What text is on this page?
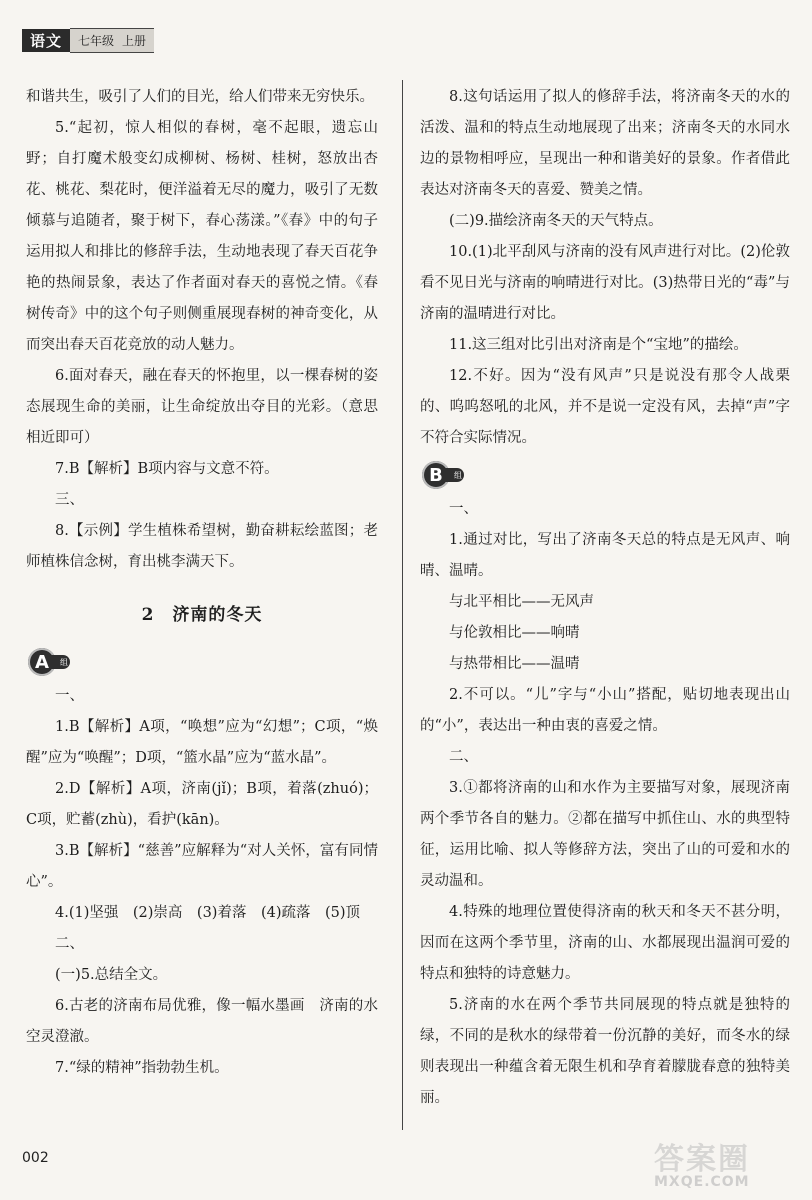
语文	七年级 上册

和谐共生，吸引了人们的目光，给人们带来无穷快乐。

5.“起初，惊人相似的春树，毫不起眼，遗忘山野；自打魔术般变幻成柳树、杨树、桂树，怒放出杏花、桃花、梨花时，便洋溢着无尽的魔力，吸引了无数倾慕与追随者，聚于树下，春心荡漾。”《春》中的句子运用拟人和排比的修辞手法，生动地表现了春天百花争艳的热闹景象，表达了作者面对春天的喜悦之情。《春树传奇》中的这个句子则侧重展现春树的神奇变化，从而突出春天百花竞放的动人魅力。

6.面对春天，融在春天的怀抱里，以一棵春树的姿态展现生命的美丽，让生命绽放出夺目的光彩。（意思相近即可）

7.B【解析】B项内容与文意不符。

三、

8.【示例】学生植株希望树，勤奋耕耘绘蓝图；老师植株信念树，育出桃李满天下。

2　济南的冬天
A	组

一、

1.B【解析】A项，“唤想”应为“幻想”；C项，“焕醒”应为“唤醒”；D项，“篮水晶”应为“蓝水晶”。

2.D【解析】A项，济南(jǐ)；B项，着落(zhuó)；C项，贮蓄(zhù)，看护(kān)。

3.B【解析】“慈善”应解释为“对人关怀，富有同情心”。

4.(1)坚强　(2)崇高　(3)着落　(4)疏落　(5)顶

二、

(一)5.总结全文。

6.古老的济南布局优雅，像一幅水墨画　济南的水空灵澄澈。

7.“绿的精神”指勃勃生机。

8.这句话运用了拟人的修辞手法，将济南冬天的水的活泼、温和的特点生动地展现了出来；济南冬天的水同水边的景物相呼应，呈现出一种和谐美好的景象。作者借此表达对济南冬天的喜爱、赞美之情。

(二)9.描绘济南冬天的天气特点。

10.(1)北平刮风与济南的没有风声进行对比。(2)伦敦看不见日光与济南的响晴进行对比。(3)热带日光的“毒”与济南的温晴进行对比。

11.这三组对比引出对济南是个“宝地”的描绘。

12.不好。因为“没有风声”只是说没有那令人战栗的、呜呜怒吼的北风，并不是说一定没有风，去掉“声”字不符合实际情况。

B	组

一、

1.通过对比，写出了济南冬天总的特点是无风声、响晴、温晴。

与北平相比——无风声

与伦敦相比——响晴

与热带相比——温晴

2.不可以。“儿”字与“小山”搭配，贴切地表现出山的“小”，表达出一种由衷的喜爱之情。

二、

3.①都将济南的山和水作为主要描写对象，展现济南两个季节各自的魅力。②都在描写中抓住山、水的典型特征，运用比喻、拟人等修辞方法，突出了山的可爱和水的灵动温和。

4.特殊的地理位置使得济南的秋天和冬天不甚分明，因而在这两个季节里，济南的山、水都展现出温润可爱的特点和独特的诗意魅力。

5.济南的水在两个季节共同展现的特点就是独特的绿，不同的是秋水的绿带着一份沉静的美好，而冬水的绿则表现出一种蕴含着无限生机和孕育着朦胧春意的独特美丽。

002	答案圈
MXQE.COM
